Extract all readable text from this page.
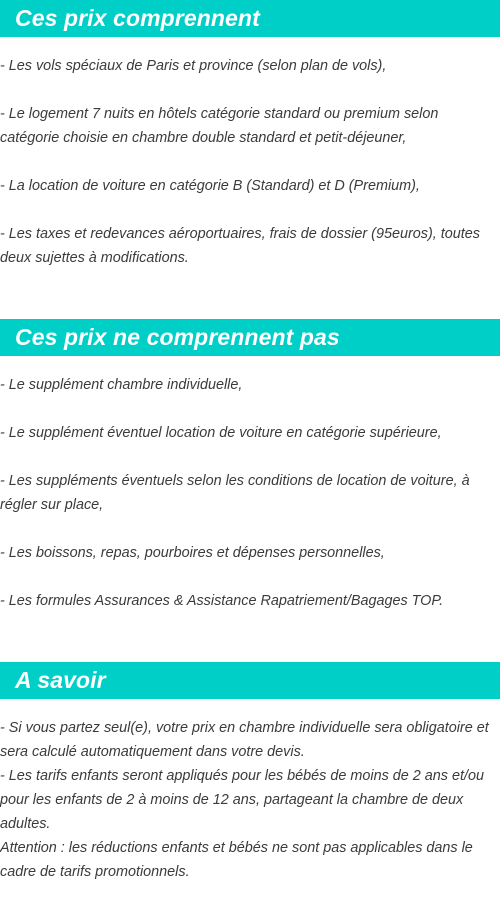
Ces prix comprennent

- Les vols spéciaux de Paris et province (selon plan de vols),

- Le logement 7 nuits en hôtels catégorie standard ou premium selon catégorie choisie en chambre double standard et petit-déjeuner,

- La location de voiture en catégorie B (Standard) et D (Premium),

- Les taxes et redevances aéroportuaires, frais de dossier (95euros), toutes deux sujettes à modifications.

Ces prix ne comprennent pas

- Le supplément chambre individuelle,

- Le supplément éventuel location de voiture en catégorie supérieure,

- Les suppléments éventuels selon les conditions de location de voiture, à régler sur place,

- Les boissons, repas, pourboires et dépenses personnelles,

- Les formules Assurances & Assistance Rapatriement/Bagages TOP.

A savoir

- Si vous partez seul(e), votre prix en chambre individuelle sera obligatoire et sera calculé automatiquement dans votre devis.

- Les tarifs enfants seront appliqués pour les bébés de moins de 2 ans et/ou pour les enfants de 2 à moins de 12 ans, partageant la chambre de deux adultes.

Attention : les réductions enfants et bébés ne sont pas applicables dans le cadre de tarifs promotionnels.
